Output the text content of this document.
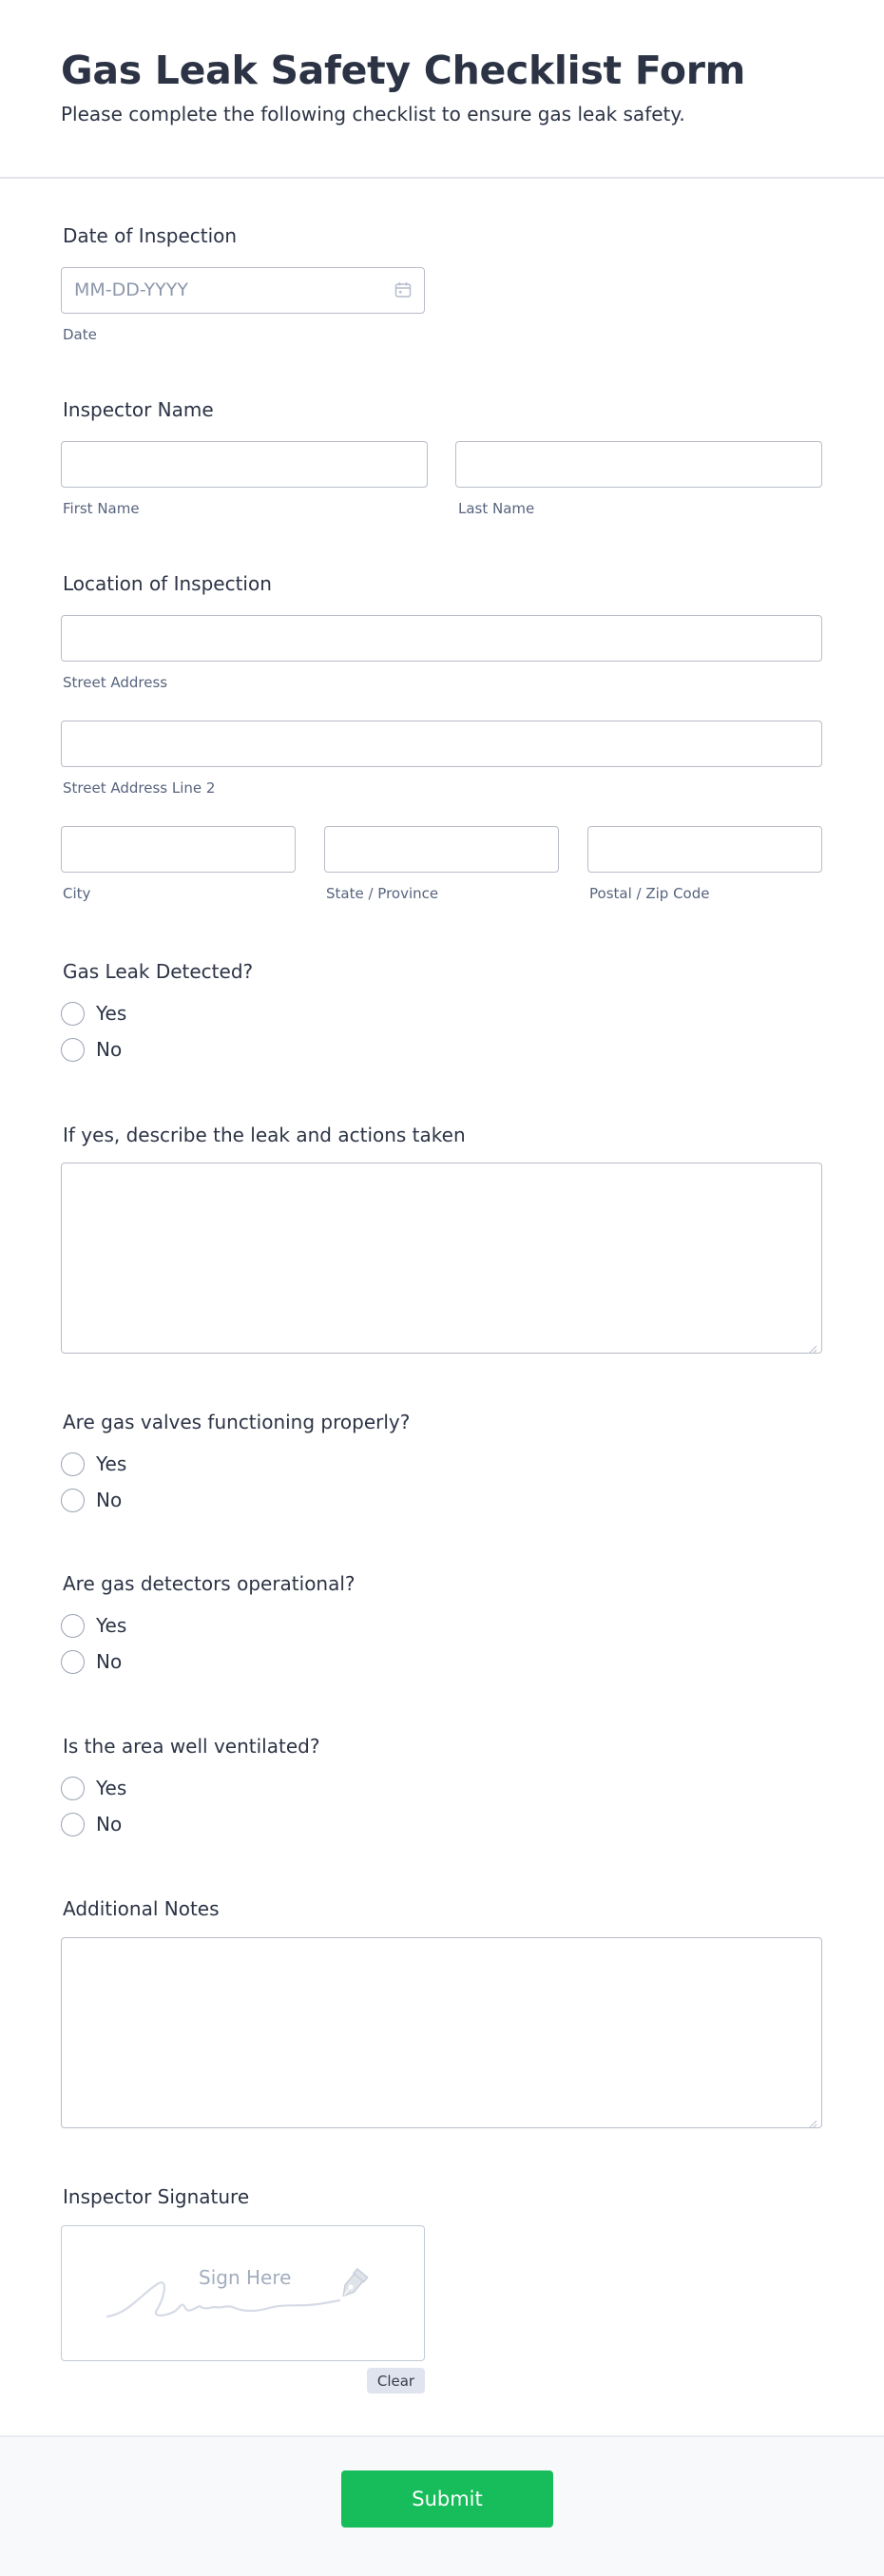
Gas Leak Safety Checklist Form
Please complete the following checklist to ensure gas leak safety.
Date of Inspection
MM-DD-YYYY
Date
Inspector Name
First Name	Last Name
Location of Inspection
Street Address
Street Address Line 2
City	State / Province	Postal / Zip Code
Gas Leak Detected?
Yes
No
If yes, describe the leak and actions taken
Are gas valves functioning properly?
Yes
No
Are gas detectors operational?
Yes
No
Is the area well ventilated?
Yes
No
Additional Notes
Inspector Signature
Sign Here
Clear
Submit
